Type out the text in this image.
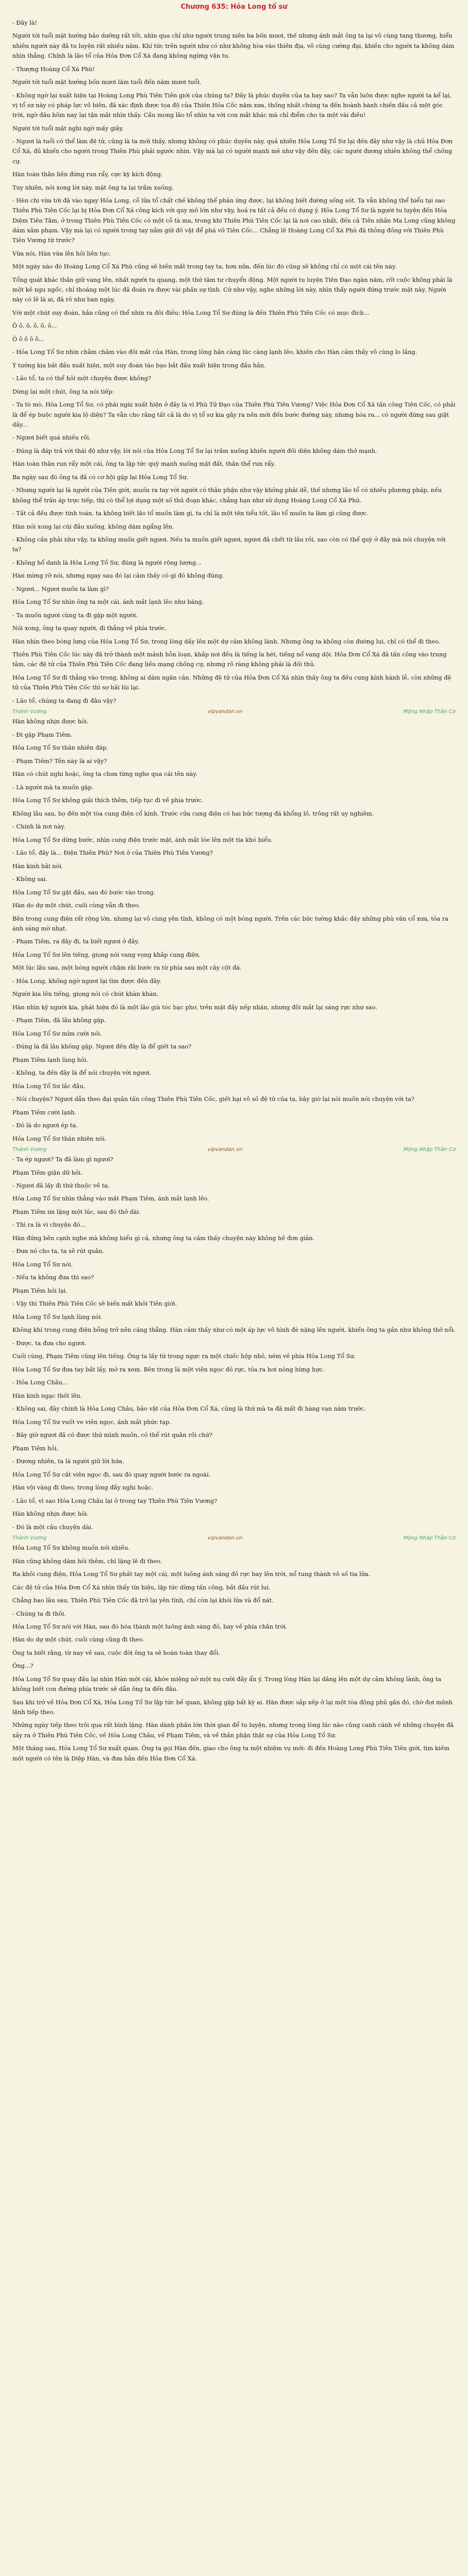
Chương 635: Hỏa Long tổ sư

- Đây là!

Người tới tuổi mặt hướng bảo dưỡng rất tốt, nhìn qua chỉ như người trung niên ba bốn mươi, thế nhưng ánh mắt ông ta lại vô cùng tang thương, hiển nhiên người này đã tu luyện rất nhiều năm. Khí tức trên người như có như không hòa vào thiên địa, vô cùng cường đại, khiến cho người ta không dám nhìn thẳng. Chính là lão tổ của Hỏa Đơn Cổ Xá đang không ngừng vận tu.

- Thượng Hoàng Cổ Xá Phù!

Người tới tuổi mặt hướng bốn mươi lăm tuổi đến năm mươi tuổi.

- Không ngờ lại xuất hiện tại Hoàng Long Phù Tiên Tiên giới của chúng ta? Đây là phúc duyên của ta hay sao? Ta vẫn luôn được nghe người ta kể lại, vị tổ sư này có pháp lực vô biên, đã xác định được tọa độ của Thiên Hỏa Cốc năm xưa, thống nhất chúng ta đến hoành hành chiến đấu cả một góc trời, ngờ đâu hôm nay lại tận mắt nhìn thấy. Cầu mong lão tổ nhìn ta với con mắt khác mà chỉ điểm cho ta một vài điều!

Người tới tuổi mặt nghi ngờ mấy giây.

- Ngươi là tuổi có thể làm đệ tử, cũng là ta mới thấy, nhưng không có phúc duyên này, quả nhiên Hỏa Long Tổ Sư lại đến đây như vậy là chủ Hỏa Đơn Cổ Xá, đủ khiến cho người trong Thiên Phù phải ngước nhìn. Vậy mà lại có người mạnh mẽ như vậy đến đây, các người đương nhiên không thể chống cự.

Hàn toàn thân liền đứng run rẩy, cực kỳ kích động.

Tuy nhiên, nói xong lời này, mặt ông ta lại trầm xuống.

- Hèn chi vừa tới đã vào ngay Hỏa Long, cỗ lửa tổ chất chế không thể phản ứng được, lại không biết đường sống sót. Ta vẫn không thể hiểu tại sao Thiên Phù Tiên Cốc lại bị Hỏa Đơn Cổ Xá công kích với quy mô lớn như vậy, hoá ra tất cả đều có dụng ý. Hỏa Long Tổ Sư là người tu luyện đến Hỏa Diệm Tiên Tâm, ở trong Thiên Phù Tiên Cốc có một cỗ tà ma, trong khi Thiên Phù Tiên Cốc lại là nơi cao nhất, đến cả Tiên nhân Ma Long cũng không dám xâm phạm. Vậy mà lại có người trong tay nắm giữ đồ vật để phá vỡ Tiên Cốc... Chẳng lẽ Hoàng Long Cổ Xá Phù đã thông đồng với Thiên Phù Tiên Vương từ trước?

Vừa nói, Hàn vừa lên hỏi liên tục.

Một ngày nào đó Hoàng Long Cổ Xá Phù cũng sẽ biến mất trong tay ta, hơn nữa, đến lúc đó cũng sẽ không chỉ có một cái tên này.

Tổng quát khác thân giữ vang lên, nhất người tu quang, một thứ tâm tư chuyển động. Một người tu luyện Tiên Đạo ngàn năm, rốt cuộc không phải là một kẻ ngu ngốc, chỉ thoáng một lúc đã đoán ra được vài phần sự tình. Cứ như vậy, nghe những lời này, nhìn thấy người đứng trước mặt này. Người này có lẽ là ai, đã rõ như ban ngày.

Với một chút suy đoán, hắn cũng có thể nhìn ra đôi điều: Hỏa Long Tổ Sư đúng là đến Thiên Phù Tiên Cốc có mục đích...

Ô ô, ô, ô, ô, ô...

Ô ô ô ô ô...

- Hỏa Long Tổ Sư nhìn chằm chằm vào đôi mắt của Hàn, trong lòng hắn càng lúc càng lạnh lẽo, khiến cho Hàn cảm thấy vô cùng lo lắng.

Ý tưởng kia bắt đầu xuất hiện, một suy đoán táo bạo bắt đầu xuất hiện trong đầu hắn.

- Lão tổ, ta có thể hỏi một chuyện được không?

Dừng lại một chút, ông ta nói tiếp:

- Ta tò mò, Hỏa Long Tổ Sư, có phải ngài xuất hiện ở đây là vì Phù Tử Đạo của Thiên Phù Tiên Vương? Việc Hỏa Đơn Cổ Xá tấn công Tiên Cốc, có phải là để ép buộc người kia lộ diện? Ta vẫn cho rằng tất cả là do vị tổ sư kia gây ra nên mới đến bước đường này, nhưng hóa ra... có người đứng sau giật dây...

- Ngươi biết quá nhiều rồi.

- Đúng là đáp trả với thái độ như vậy, lời nói của Hỏa Long Tổ Sư lại trầm xuống khiến người đối diện không dám thở mạnh.

Hàn toàn thân run rẩy một cái, ông ta lập tức quỳ mạnh xuống mặt đất, thân thể run rẩy.

Ba ngày sau đó ông ta đã có cơ hội gặp lại Hỏa Long Tổ Sư.

- Nhưng người lại là người của Tiên giới, muốn ra tay với người có thân phận như vậy không phải dễ, thế nhưng lão tổ có nhiều phương pháp, nếu không thể trấn áp trực tiếp, thì có thể lợi dụng một số thủ đoạn khác, chẳng hạn như sử dụng Hoàng Long Cổ Xá Phù.

- Tất cả đều được tính toán, ta không biết lão tổ muốn làm gì, ta chỉ là một tên tiểu tốt, lão tổ muốn ta làm gì cũng được.

Hàn nói xong lại cúi đầu xuống, không dám ngẩng lên.

- Không cần phải như vậy, ta không muốn giết ngươi. Nếu ta muốn giết ngươi, ngươi đã chết từ lâu rồi, sao còn có thể quỳ ở đây mà nói chuyện với ta?

- Không hổ danh là Hỏa Long Tổ Sư, đúng là người rộng lượng...

Hàn mừng rỡ nói, nhưng ngay sau đó lại cảm thấy có gì đó không đúng.

- Ngươi... Ngươi muốn ta làm gì?

Hỏa Long Tổ Sư nhìn ông ta một cái, ánh mắt lạnh lẽo như băng.

- Ta muốn ngươi cùng ta đi gặp một người.

Nói xong, ông ta quay người, đi thẳng về phía trước.

Hàn nhìn theo bóng lưng của Hỏa Long Tổ Sư, trong lòng dấy lên một dự cảm không lành. Nhưng ông ta không còn đường lui, chỉ có thể đi theo.

Thiên Phù Tiên Cốc lúc này đã trở thành một mảnh hỗn loạn, khắp nơi đều là tiếng la hét, tiếng nổ vang dội. Hỏa Đơn Cổ Xá đã tấn công vào trung tâm, các đệ tử của Thiên Phù Tiên Cốc đang liều mạng chống cự, nhưng rõ ràng không phải là đối thủ.

Hỏa Long Tổ Sư đi thẳng vào trong, không ai dám ngăn cản. Những đệ tử của Hỏa Đơn Cổ Xá nhìn thấy ông ta đều cung kính hành lễ, còn những đệ tử của Thiên Phù Tiên Cốc thì sợ hãi lùi lại.

- Lão tổ, chúng ta đang đi đâu vậy?

Thánh Vương	vipvandan.vn	Mộng Nhập Thần Cơ

Hàn không nhịn được hỏi.

- Đi gặp Phạm Tiêm.

Hỏa Long Tổ Sư thản nhiên đáp.

- Phạm Tiêm? Tên này là ai vậy?

Hàn có chút nghi hoặc, ông ta chưa từng nghe qua cái tên này.

- Là người mà ta muốn gặp.

Hỏa Long Tổ Sư không giải thích thêm, tiếp tục đi về phía trước.

Không lâu sau, họ đến một tòa cung điện cổ kính. Trước cửa cung điện có hai bức tượng đá khổng lồ, trông rất uy nghiêm.

- Chính là nơi này.

Hỏa Long Tổ Sư dừng bước, nhìn cung điện trước mặt, ánh mắt lóe lên một tia khó hiểu.

- Lão tổ, đây là... Điện Thiên Phù? Nơi ở của Thiên Phù Tiên Vương?

Hàn kinh hãi nói.

- Không sai.

Hỏa Long Tổ Sư gật đầu, sau đó bước vào trong.

Hàn do dự một chút, cuối cùng vẫn đi theo.

Bên trong cung điện rất rộng lớn, nhưng lại vô cùng yên tĩnh, không có một bóng người. Trên các bức tường khắc đầy những phù văn cổ xưa, tỏa ra ánh sáng mờ nhạt.

- Phạm Tiêm, ra đây đi, ta biết ngươi ở đây.

Hỏa Long Tổ Sư lên tiếng, giọng nói vang vọng khắp cung điện.

Một lúc lâu sau, một bóng người chậm rãi bước ra từ phía sau một cây cột đá.

- Hỏa Long, không ngờ ngươi lại tìm được đến đây.

Người kia lên tiếng, giọng nói có chút khàn khàn.

Hàn nhìn kỹ người kia, phát hiện đó là một lão già tóc bạc phơ, trên mặt đầy nếp nhăn, nhưng đôi mắt lại sáng rực như sao.

- Phạm Tiêm, đã lâu không gặp.

Hỏa Long Tổ Sư mỉm cười nói.

- Đúng là đã lâu không gặp. Ngươi đến đây là để giết ta sao?

Phạm Tiêm lạnh lùng hỏi.

- Không, ta đến đây là để nói chuyện với ngươi.

Hỏa Long Tổ Sư lắc đầu.

- Nói chuyện? Ngươi dẫn theo đại quân tấn công Thiên Phù Tiên Cốc, giết hại vô số đệ tử của ta, bây giờ lại nói muốn nói chuyện với ta?

Phạm Tiêm cười lạnh.

- Đó là do ngươi ép ta.

Hỏa Long Tổ Sư thản nhiên nói.

Thánh Vương	vipvandan.vn	Mộng Nhập Thần Cơ

- Ta ép ngươi? Ta đã làm gì ngươi?

Phạm Tiêm giận dữ hỏi.

- Ngươi đã lấy đi thứ thuộc về ta.

Hỏa Long Tổ Sư nhìn thẳng vào mắt Phạm Tiêm, ánh mắt lạnh lẽo.

Phạm Tiêm im lặng một lúc, sau đó thở dài.

- Thì ra là vì chuyện đó...

Hàn đứng bên cạnh nghe mà không hiểu gì cả, nhưng ông ta cảm thấy chuyện này không hề đơn giản.

- Đưa nó cho ta, ta sẽ rút quân.

Hỏa Long Tổ Sư nói.

- Nếu ta không đưa thì sao?

Phạm Tiêm hỏi lại.

- Vậy thì Thiên Phù Tiên Cốc sẽ biến mất khỏi Tiên giới.

Hỏa Long Tổ Sư lạnh lùng nói.

Không khí trong cung điện bỗng trở nên căng thẳng. Hàn cảm thấy như có một áp lực vô hình đè nặng lên người, khiến ông ta gần như không thở nổi.

- Được, ta đưa cho ngươi.

Cuối cùng, Phạm Tiêm cũng lên tiếng. Ông ta lấy từ trong ngực ra một chiếc hộp nhỏ, ném về phía Hỏa Long Tổ Sư.

Hỏa Long Tổ Sư đưa tay bắt lấy, mở ra xem. Bên trong là một viên ngọc đỏ rực, tỏa ra hơi nóng hừng hực.

- Hỏa Long Châu...

Hàn kinh ngạc thốt lên.

- Không sai, đây chính là Hỏa Long Châu, bảo vật của Hỏa Đơn Cổ Xá, cũng là thứ mà ta đã mất đi hàng vạn năm trước.

Hỏa Long Tổ Sư vuốt ve viên ngọc, ánh mắt phức tạp.

- Bây giờ ngươi đã có được thứ mình muốn, có thể rút quân rồi chứ?

Phạm Tiêm hỏi.

- Đương nhiên, ta là người giữ lời hứa.

Hỏa Long Tổ Sư cất viên ngọc đi, sau đó quay người bước ra ngoài.

Hàn vội vàng đi theo, trong lòng đầy nghi hoặc.

- Lão tổ, vì sao Hỏa Long Châu lại ở trong tay Thiên Phù Tiên Vương?

Hàn không nhịn được hỏi.

- Đó là một câu chuyện dài.

Thánh Vương	vipvandan.vn	Mộng Nhập Thần Cơ

Hỏa Long Tổ Sư không muốn nói nhiều.

Hàn cũng không dám hỏi thêm, chỉ lặng lẽ đi theo.

Ra khỏi cung điện, Hỏa Long Tổ Sư phất tay một cái, một luồng ánh sáng đỏ rực bay lên trời, nổ tung thành vô số tia lửa.

Các đệ tử của Hỏa Đơn Cổ Xá nhìn thấy tín hiệu, lập tức dừng tấn công, bắt đầu rút lui.

Chẳng bao lâu sau, Thiên Phù Tiên Cốc đã trở lại yên tĩnh, chỉ còn lại khói lửa và đổ nát.

- Chúng ta đi thôi.

Hỏa Long Tổ Sư nói với Hàn, sau đó hóa thành một luồng ánh sáng đỏ, bay về phía chân trời.

Hàn do dự một chút, cuối cùng cũng đi theo.

Ông ta biết rằng, từ nay về sau, cuộc đời ông ta sẽ hoàn toàn thay đổi.

Ông...?

Hỏa Long Tổ Sư quay đầu lại nhìn Hàn một cái, khóe miệng nở một nụ cười đầy ẩn ý. Trong lòng Hàn lại dâng lên một dự cảm không lành, ông ta không biết con đường phía trước sẽ dẫn ông ta đến đâu.

Sau khi trở về Hỏa Đơn Cổ Xá, Hỏa Long Tổ Sư lập tức bế quan, không gặp bất kỳ ai. Hàn được sắp xếp ở lại một tòa động phủ gần đó, chờ đợi mệnh lệnh tiếp theo.

Những ngày tiếp theo trôi qua rất bình lặng. Hàn dành phần lớn thời gian để tu luyện, nhưng trong lòng lúc nào cũng canh cánh về những chuyện đã xảy ra ở Thiên Phù Tiên Cốc, về Hỏa Long Châu, về Phạm Tiêm, và về thân phận thật sự của Hỏa Long Tổ Sư.

Một tháng sau, Hỏa Long Tổ Sư xuất quan. Ông ta gọi Hàn đến, giao cho ông ta một nhiệm vụ mới: đi đến Hoàng Long Phù Tiên Tiên giới, tìm kiếm một người có tên là Diệp Hàn, và đưa hắn đến Hỏa Đơn Cổ Xá.
